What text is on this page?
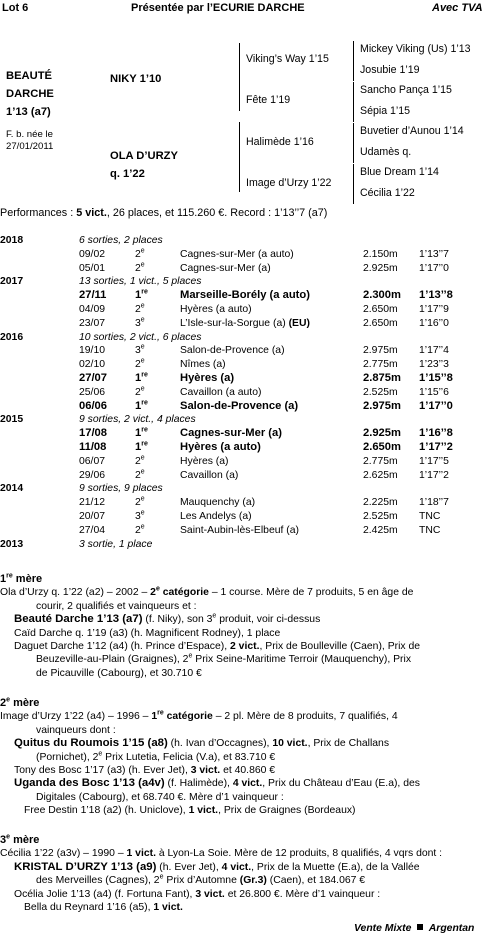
Lot 6	Présentée par l’ECURIE DARCHE	Avec TVA
BEAUTÉ
DARCHE
1’13 (a7)
F. b. née le
27/01/2011
NIKY 1’10
OLA D’URZY
q. 1’22
Viking’s Way 1’15
Fête 1’19
Halimède 1’16
Image d’Urzy 1’22
Mickey Viking (Us) 1’13
Josubie 1’19
Sancho Pança 1’15
Sépia 1’15
Buvetier d’Aunou 1’14
Udamès q.
Blue Dream 1’14
Cécilia 1’22
Performances : 5 vict., 26 places, et 115.260 €. Record : 1’13’’7 (a7)
2018	6 sorties, 2 places				
	09/02	2e	Cagnes-sur-Mer (a auto)	2.150m	1’13’’7
	05/01	2e	Cagnes-sur-Mer (a)	2.925m	1’17’’0
2017	13 sorties, 1 vict., 5 places				
	27/11	1re	Marseille-Borély (a auto)	2.300m	1’13’’8
	04/09	2e	Hyères (a auto)	2.650m	1’17’’9
	23/07	3e	L’Isle-sur-la-Sorgue (a) (EU)	2.650m	1’16’’0
2016	10 sorties, 2 vict., 6 places				
	19/10	3e	Salon-de-Provence (a)	2.975m	1’17’’4
	02/10	2e	Nîmes (a)	2.775m	1’23’’3
	27/07	1re	Hyères (a)	2.875m	1’15’’8
	25/06	2e	Cavaillon (a auto)	2.525m	1’15’’6
	06/06	1re	Salon-de-Provence (a)	2.975m	1’17’’0
2015	9 sorties, 2 vict., 4 places				
	17/08	1re	Cagnes-sur-Mer (a)	2.925m	1’16’’8
	11/08	1re	Hyères (a auto)	2.650m	1’17’’2
	06/07	2e	Hyères (a)	2.775m	1’17’’5
	29/06	2e	Cavaillon (a)	2.625m	1’17’’2
2014	9 sorties, 9 places				
	21/12	2e	Mauquenchy (a)	2.225m	1’18’’7
	20/07	3e	Les Andelys (a)	2.525m	TNC
	27/04	2e	Saint-Aubin-lès-Elbeuf (a)	2.425m	TNC
2013	3 sortie, 1 place				

1re mère

Ola d’Urzy q. 1’22 (a2) – 2002 – 2e catégorie – 1 course. Mère de 7 produits, 5 en âge de

courir, 2 qualifiés et vainqueurs et :

Beauté Darche 1’13 (a7) (f. Niky), son 3e produit, voir ci-dessus

Caïd Darche q. 1’19 (a3) (h. Magnificent Rodney), 1 place

Daguet Darche 1’12 (a4) (h. Prince d’Espace), 2 vict., Prix de Boulleville (Caen), Prix de

Beuzeville-au-Plain (Graignes), 2e Prix Seine-Maritime Terroir (Mauquenchy), Prix

de Picauville (Cabourg), et 30.710 €

2e mère

Image d’Urzy 1’22 (a4) – 1996 – 1re catégorie – 2 pl. Mère de 8 produits, 7 qualifiés, 4

vainqueurs dont :

Quitus du Roumois 1’15 (a8) (h. Ivan d’Occagnes), 10 vict., Prix de Challans

(Pornichet), 2e Prix Lutetia, Felicia (V.a), et 83.710 €

Tony des Bosc 1’17 (a3) (h. Ever Jet), 3 vict. et 40.860 €

Uganda des Bosc 1’13 (a4v) (f. Halimède), 4 vict., Prix du Château d’Eau (E.a), des

Digitales (Cabourg), et 68.740 €. Mère d’1 vainqueur :

Free Destin 1’18 (a2) (h. Uniclove), 1 vict., Prix de Graignes (Bordeaux)

3e mère

Cécilia 1’22 (a3v) – 1990 – 1 vict. à Lyon-La Soie. Mère de 12 produits, 8 qualifiés, 4 vqrs dont :

KRISTAL D’URZY 1’13 (a9) (h. Ever Jet), 4 vict., Prix de la Muette (E.a), de la Vallée

des Merveilles (Cagnes), 2e Prix d’Automne (Gr.3) (Caen), et 184.067 €

Océlia Jolie 1’13 (a4) (f. Fortuna Fant), 3 vict. et 26.800 €. Mère d’1 vainqueur :

Bella du Reynard 1’16 (a5), 1 vict.

Vente Mixte Argentan
